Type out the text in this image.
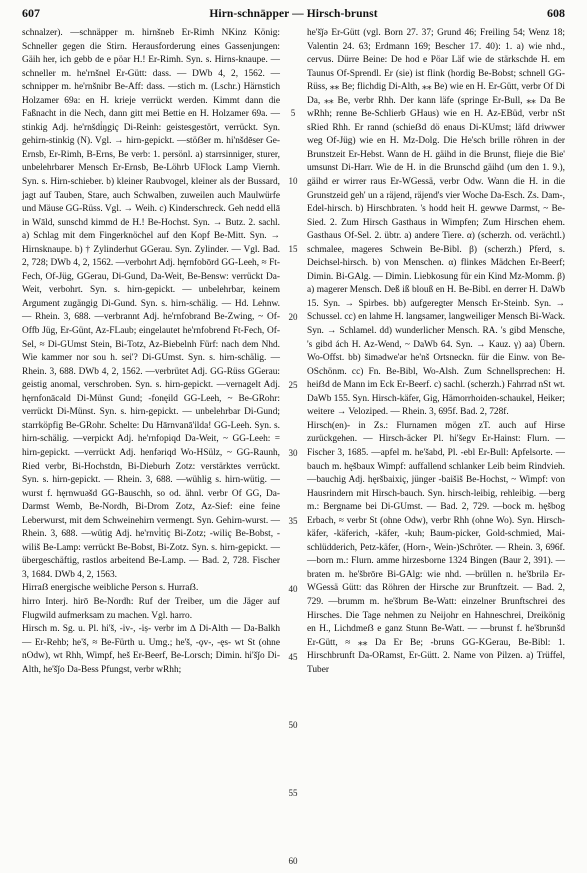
607	Hirn-schnäpper — Hirsch-brunst	608

schnalzer). —schnäpper m. hirnšneb Er-Rimh NKinz König: Schneller gegen die Stirn. Herausforderung eines Gassenjungen: Gäih her, ich gebb de e pöar H.! Er-Rimh. Syn. s. Hirns-knaupe. —schneller m. he'rnšnel Er-Gütt: dass. — DWb 4, 2, 1562. —schnipper m. he'rnšnibr Be-Aff: dass. —stich m. (Lschr.) Härnstich Holzamer 69a: en H. krieje verrückt werden. Kimmt dann die Faßnacht in die Nech, dann gitt mei Bettie en H. Holzamer 69a. —stinkig Adj. he'rnšdi̇ŋgiç Di-Reinh: geistesgestört, verrückt. Syn. gehirn-stinkig (N). Vgl. → hirn-gepickt. —stöẞer m. hi'nšdēser Ge-Ernsb, Er-Rimh, B-Erns, Be verb: 1. persönl. a) starrsinniger, sturer, unbelehrbarer Mensch Er-Ernsb, Be-Löhrb UFlock Lamp Viernh. Syn. s. Hirn-schieber. b) kleiner Raubvogel, kleiner als der Bussard, jagt auf Tauben, Stare, auch Schwalben, zuweilen auch Maulwürfe und Mäuse GG-Rüss. Vgl. → Weih. c) Kinderschreck. Geh nedd ellā in Wāld, sunschd kimmd de H.! Be-Hochst. Syn. → Butz. 2. sachl. a) Schlag mit dem Fingerknöchel auf den Kopf Be-Mitt. Syn. → Hirnsknaupe. b) † Zylinderhut GGerau. Syn. Zylinder. — Vgl. Bad. 2, 728; DWb 4, 2, 1562. —verbohrt Adj. hęrnfobōrd GG-Leeh, ≈ Ft-Fech, Of-Jüg, GGerau, Di-Gund, Da-Weit, Be-Bensw: verrückt Da-Weit, verbohrt. Syn. s. hirn-gepickt. — unbelehrbar, keinem Argument zugängig Di-Gund. Syn. s. hirn-schälig. — Hd. Lehnw. — Rhein. 3, 688. —verbrannt Adj. he'rnfobrand Be-Zwing, ~ Of-Offb Jüg, Er-Günt, Az-FLaub; eingelautet he'rnfobrend Ft-Fech, Of-Sel, ≈ Di-GUmst Stein, Bi-Totz, Az-Biebelnh Fürf: nach dem Nhd. Wie kammer nor sou h. sei'? Di-GUmst. Syn. s. hirn-schälig. — Rhein. 3, 688. DWb 4, 2, 1562. —verbrütet Adj. GG-Rüss GGerau: geistig anomal, verschroben. Syn. s. hirn-gepickt. —vernagelt Adj. hęrnfonācəld Di-Münst Gund; -fonęild GG-Leeh, ~ Be-GRohr: verrückt Di-Münst. Syn. s. hirn-gepickt. — unbelehrbar Di-Gund; starrköpfig Be-GRohr. Schelte: Du Hārnvanā'ilda! GG-Leeh. Syn. s. hirn-schälig. —verpickt Adj. he'rnfopiqd Da-Weit, ~ GG-Leeh: = hirn-gepickt. —verrückt Adj. henfəriqd Wo-HSülz, ~ GG-Raunh, Ried verbr, Bi-Hochstdn, Bi-Dieburh Zotz: verstärktes verrückt. Syn. s. hirn-gepickt. — Rhein. 3, 688. —wühlig s. hirn-wütig. —wurst f. hęrnwuǝšd GG-Bauschh, so od. ähnl. verbr Of GG, Da-Darmst Wemb, Be-Nordh, Bi-Drom Zotz, Az-Sief: eine feine Leberwurst, mit dem Schweinehirn vermengt. Syn. Gehirn-wurst. — Rhein. 3, 688. —wütig Adj. he'rnvi̇tiç Bi-Zotz; -wiliç Be-Bobst, -wiliš Be-Lamp: verrückt Be-Bobst, Bi-Zotz. Syn. s. hirn-gepickt. — übergeschäftig, rastlos arbeitend Be-Lamp. — Bad. 2, 728. Fischer 3, 1684. DWb 4, 2, 1563.

Hirraẞ energische weibliche Person s. Hurraẞ.

hirro Interj. hirō Be-Nordh: Ruf der Treiber, um die Jäger auf Flugwild aufmerksam zu machen. Vgl. harro.

Hirsch m. Sg. u. Pl. hi'š, -iv-, -iṣ- verbr im ∆ Di-Alth — Da-Balkh — Er-Rehb; he'š, ≈ Be-Fürth u. Umg.; he'š, -ǫv-, -ęs- wt St (ohne nOdw), wt Rhh, Wimpf, heš Er-Beerf, Be-Lorsch; Dimin. hi'šǰo Di-Alth, he'šǰo Da-Bess Pfungst, verbr wRhh;

5
10
15
20
25
30
35
40
45
50
55
60

he'šǰǝ Er-Gütt (vgl. Born 27. 37; Grund 46; Freiling 54; Wenz 18; Valentin 24. 63; Erdmann 169; Bescher 17. 40): 1. a) wie nhd., cervus. Dürre Beine: De hod e Pöar Läf wie de stärkschde H. em Taunus Of-Sprendl. Er (sie) ist flink (hordig Be-Bobst; schnell GG-Rüss, ⁎⁎ Be; flichdig Di-Alth, ⁎⁎ Be) wie en H. Er-Gütt, verbr Of Di Da, ⁎⁎ Be, verbr Rhh. Der kann läfe (springe Er-Bull, ⁎⁎ Da Be wRhh; renne Be-Schlierb GHaus) wie en H. Az-EBüd, verbr nSt sRied Rhh. Er rannd (schieẞd dö enaus Di-KUmst; läfd driwwer weg Of-Jüg) wie en H. Mz-Dolg. Die He'sch brille röhren in der Brunstzeit Er-Hebst. Wann de H. gäihd in die Brunst, flieje die Bie' umsunst Di-Harr. Wie de H. in die Brunschd gäihd (um den 1. 9.), gäihd er wirrer raus Er-WGessä, verbr Odw. Wann die H. in die Grunstzeid geh' un a räjend, räjend's vier Woche Da-Esch. Zs. Dam-, Edel-hirsch. b) Hirschbraten. 's hodd heit H. gewwe Darmst, ~ Be-Sied. 2. Zum Hirsch Gasthaus in Wimpfen; Zum Hirschen ehem. Gasthaus Of-Sel. 2. übtr. a) andere Tiere. α) (scherzh. od. verächtl.) schmalee, mageres Schwein Be-Bibl. β) (scherzh.) Pferd, s. Deichsel-hirsch. b) von Menschen. α) flinkes Mädchen Er-Beerf; Dimin. Bi-GAlg. — Dimin. Liebkosung für ein Kind Mz-Momm. β) a) magerer Mensch. Deß iß blouß en H. Be-Bibl. en derrer H. DaWb 15. Syn. → Spirbes. bb) aufgeregter Mensch Er-Steinb. Syn. → Schussel. cc) en lahme H. langsamer, langweiliger Mensch Bi-Wack. Syn. → Schlamel. dd) wunderlicher Mensch. RA. 's gibd Mensche, 's gibd ách H. Az-Wend, ~ DaWb 64. Syn. → Kauz. γ) aa) Übern. Wo-Offst. bb) šimədwe'ər he'nš Ortsneckn. für die Einw. von Be-OSchönm. cc) Fn. Be-Bibl, Wo-Alsh. Zum Schnellsprechen: H. heiẞd de Mann im Eck Er-Beerf. c) sachl. (scherzh.) Fahrrad nSt wt. DaWb 155. Syn. Hirsch-käfer, Gig, Hämorrhoiden-schaukel, Heiker; weitere → Veloziped. — Rhein. 3, 695f. Bad. 2, 728f.

Hirsch(en)- in Zs.: Flurnamen mögen zT. auch auf Hirse zurückgehen. — Hirsch-äcker Pl. hi'šegv Er-Hainst: Flurn. — Fischer 3, 1685. —apfel m. he'šabd, Pl. -ebl Er-Bull: Apfelsorte. —bauch m. hęšbaux Wimpf: auffallend schlanker Leib beim Rindvieh. —bauchig Adj. hęršbaixiç, jünger -baišiš Be-Hochst, ~ Wimpf: von Hausrindern mit Hirsch-bauch. Syn. hirsch-leibig, rehleibig. —berg m.: Bergname bei Di-GUmst. — Bad. 2, 729. —bock m. hęšbog Erbach, ≈ verbr St (ohne Odw), verbr Rhh (ohne Wo). Syn. Hirsch-käfer, -käferich, -käfer, -kuh; Baum-picker, Gold-schmied, Mai-schlüdderich, Petz-käfer, (Horn-, Wein-)Schröter. — Rhein. 3, 696f. —born m.: Flurn. amme hirzesborne 1324 Bingen (Baur 2, 391). —braten m. he'šbrōre Bi-GAlg: wie nhd. —brüllen n. he'šbrilə Er-WGessä Gütt: das Röhren der Hirsche zur Brunftzeit. — Bad. 2, 729. —brumm m. he'šbrum Be-Watt: einzelner Brunftschrei des Hirsches. Die Tage nehmen zu Neijohr en Hahneschrei, Dreikönig en H., Lichdmeẞ e ganz Stunn Be-Watt. — —brunst f. he'šbrunšd Er-Gütt, ≈ ⁎⁎ Da Er Be; -bruns GG-KGerau, Be-Bibl: 1. Hirschbrunft Da-ORamst, Er-Gütt. 2. Name von Pilzen. a) Trüffel, Tuber
